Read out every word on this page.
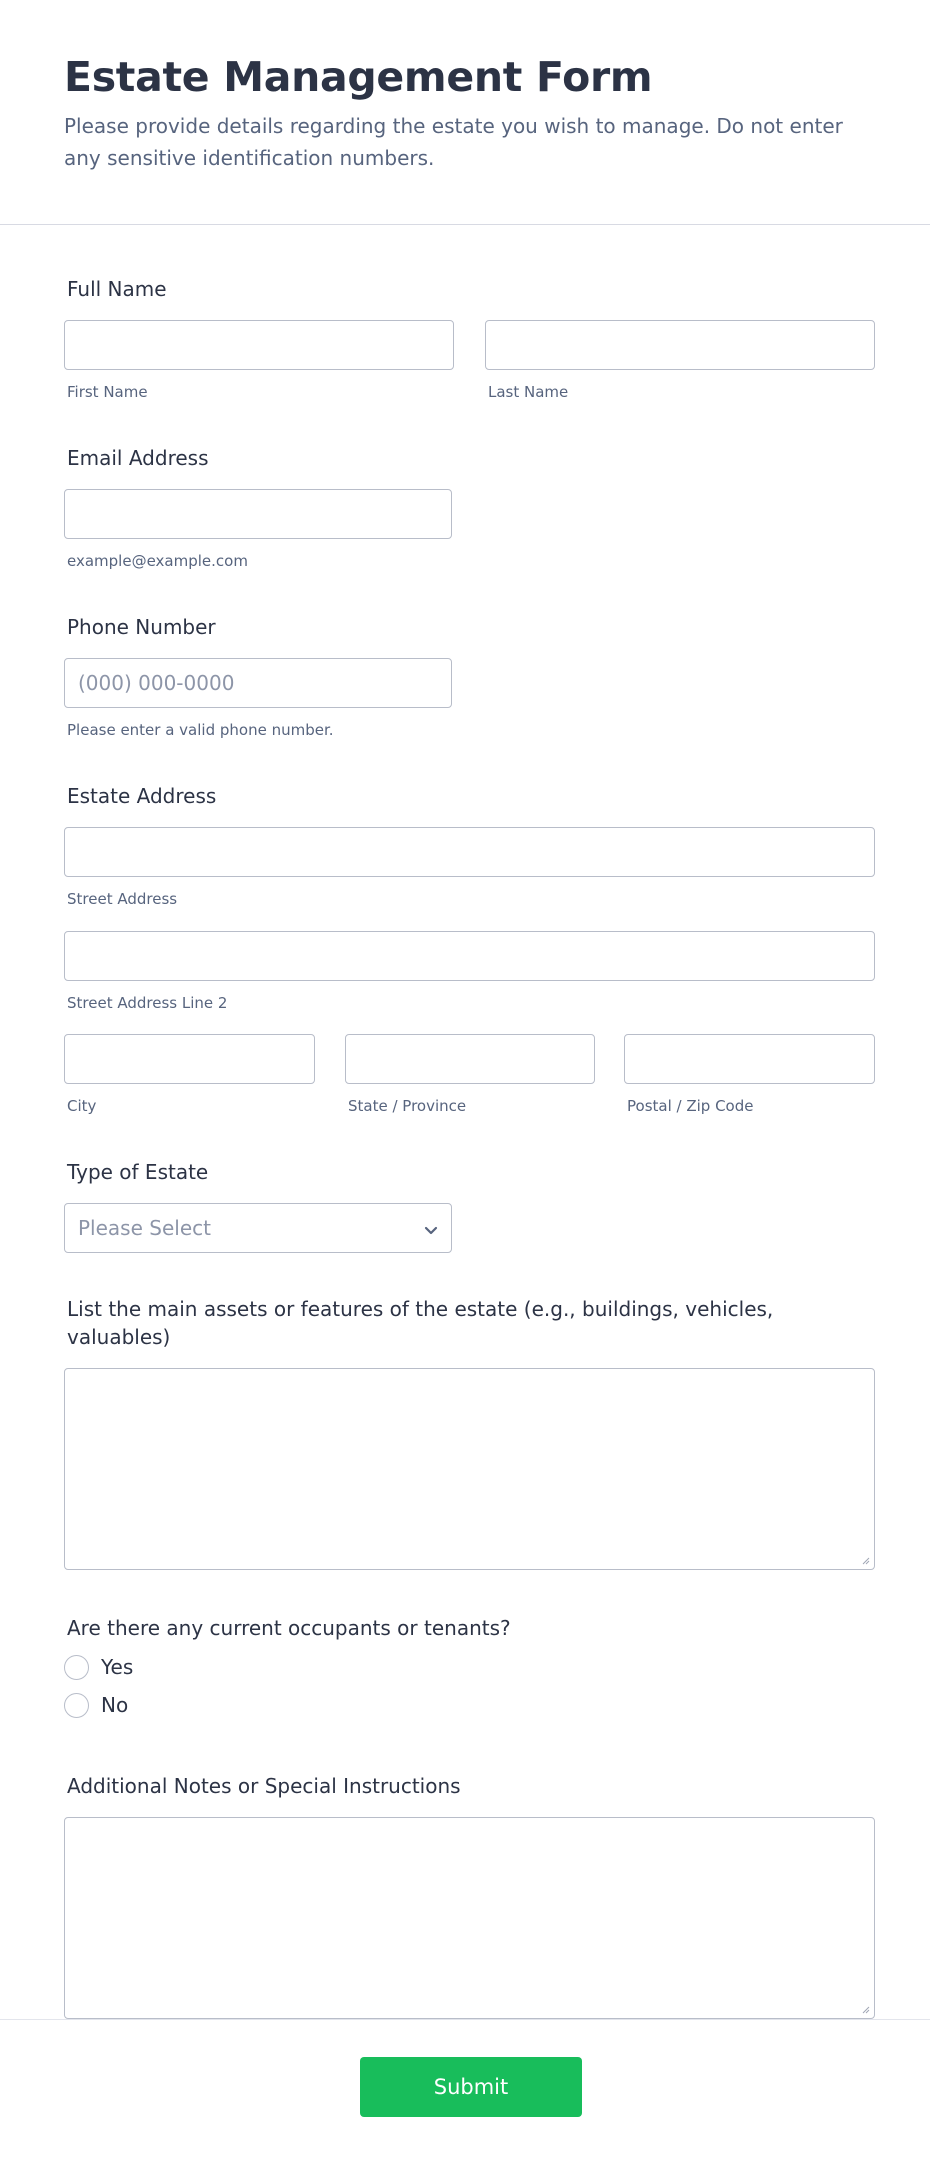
Estate Management Form
Please provide details regarding the estate you wish to manage. Do not enter any sensitive identification numbers.
Full Name
First Name	Last Name
Email Address
example@example.com
Phone Number
(000) 000-0000
Please enter a valid phone number.
Estate Address
Street Address
Street Address Line 2
City	State / Province	Postal / Zip Code
Type of Estate
Please Select
List the main assets or features of the estate (e.g., buildings, vehicles, valuables)
Are there any current occupants or tenants?
Yes
No
Additional Notes or Special Instructions
Submit
